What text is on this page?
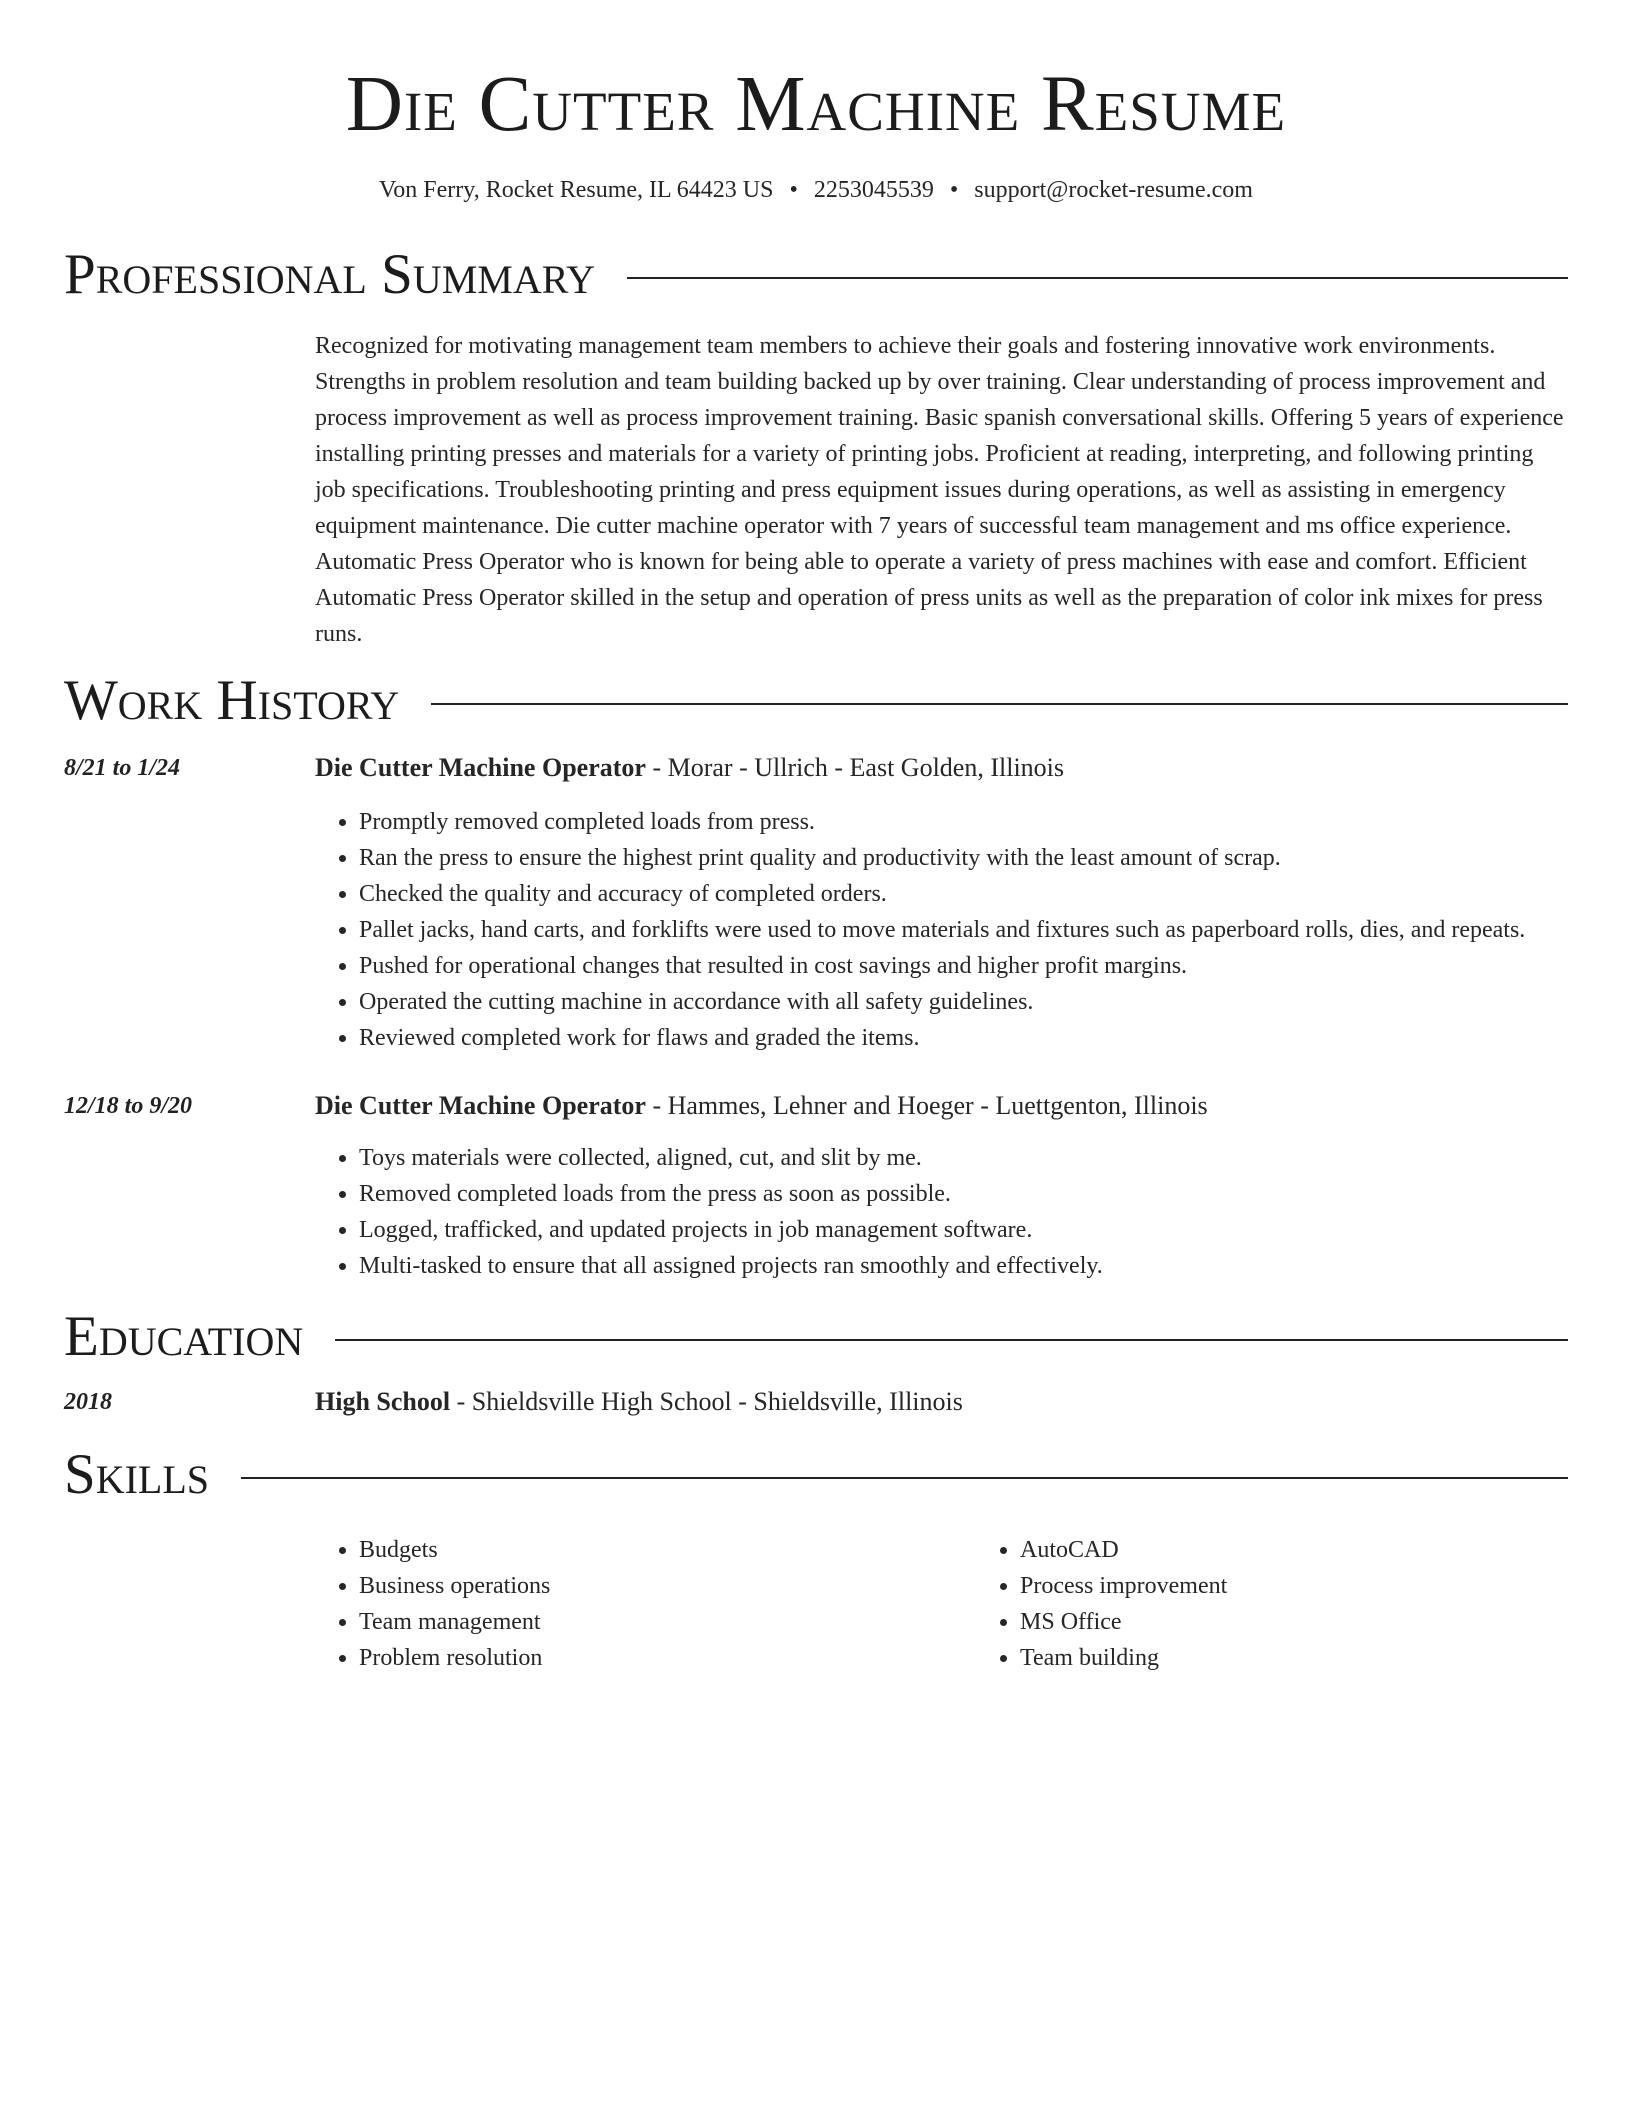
Die Cutter Machine Resume
Von Ferry, Rocket Resume, IL 64423 US • 2253045539 • support@rocket-resume.com
Professional Summary

Recognized for motivating management team members to achieve their goals and fostering innovative work environments. Strengths in problem resolution and team building backed up by over training. Clear understanding of process improvement and process improvement as well as process improvement training. Basic spanish conversational skills. Offering 5 years of experience installing printing presses and materials for a variety of printing jobs. Proficient at reading, interpreting, and following printing job specifications. Troubleshooting printing and press equipment issues during operations, as well as assisting in emergency equipment maintenance. Die cutter machine operator with 7 years of successful team management and ms office experience. Automatic Press Operator who is known for being able to operate a variety of press machines with ease and comfort. Efficient Automatic Press Operator skilled in the setup and operation of press units as well as the preparation of color ink mixes for press runs.

Work History
8/21 to 1/24	Die Cutter Machine Operator - Morar - Ullrich - East Golden, Illinois
• Promptly removed completed loads from press.
• Ran the press to ensure the highest print quality and productivity with the least amount of scrap.
• Checked the quality and accuracy of completed orders.
• Pallet jacks, hand carts, and forklifts were used to move materials and fixtures such as paperboard rolls, dies, and repeats.
• Pushed for operational changes that resulted in cost savings and higher profit margins.
• Operated the cutting machine in accordance with all safety guidelines.
• Reviewed completed work for flaws and graded the items.
12/18 to 9/20	Die Cutter Machine Operator - Hammes, Lehner and Hoeger - Luettgenton, Illinois
• Toys materials were collected, aligned, cut, and slit by me.
• Removed completed loads from the press as soon as possible.
• Logged, trafficked, and updated projects in job management software.
• Multi-tasked to ensure that all assigned projects ran smoothly and effectively.
Education
2018	High School - Shieldsville High School - Shieldsville, Illinois
Skills
• Budgets
• Business operations
• Team management
• Problem resolution
• AutoCAD
• Process improvement
• MS Office
• Team building
